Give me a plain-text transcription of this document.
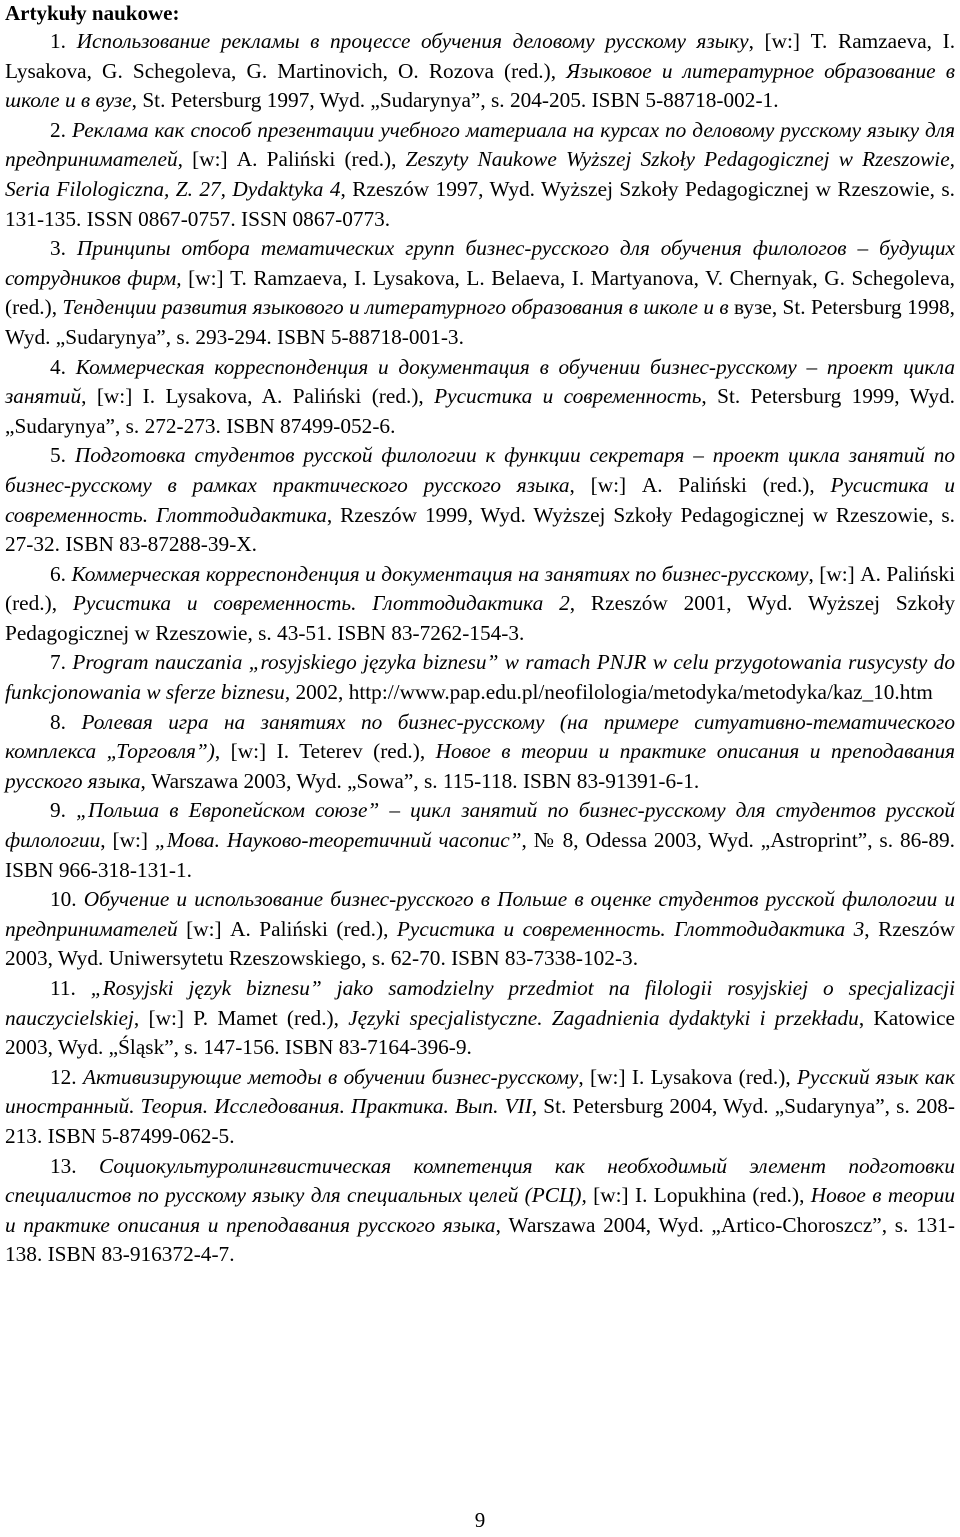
Artykuły naukowe:

1. Использование рекламы в процессе обучения деловому русскому языку, [w:] T. Ramzaeva, I. Lysakova, G. Schegoleva, G. Martinovich, O. Rozova (red.), Языковое и литературное образование в школе и в вузе, St. Petersburg 1997, Wyd. „Sudarynya”, s. 204-205. ISBN 5-88718-002-1.

2. Реклама как способ презентации учебного материала на курсах по деловому русскому языку для предпринимателей, [w:] A. Paliński (red.), Zeszyty Naukowe Wyższej Szkoły Pedagogicznej w Rzeszowie, Seria Filologiczna, Z. 27, Dydaktyka 4, Rzeszów 1997, Wyd. Wyższej Szkoły Pedagogicznej w Rzeszowie, s. 131-135. ISSN 0867-0757. ISSN 0867-0773.

3. Принципы отбора тематических групп бизнес-русского для обучения филологов – будущих сотрудников фирм, [w:] T. Ramzaeva, I. Lysakova, L. Belaeva, I. Martyanova, V. Chernyak, G. Schegoleva, (red.), Тенденции развития языкового и литературного образования в школе и в вузе, St. Petersburg 1998, Wyd. „Sudarynya”, s. 293-294. ISBN 5-88718-001-3.

4. Коммерческая корреспонденция и документация в обучении бизнес-русскому – проект цикла занятий, [w:] I. Lysakova, A. Paliński (red.), Русистика и современность, St. Petersburg 1999, Wyd. „Sudarynya”, s. 272-273. ISBN 87499-052-6.

5. Подготовка студентов русской филологии к функции секретаря – проект цикла занятий по бизнес-русскому в рамках практического русского языка, [w:] A. Paliński (red.), Русистика и современность. Глоттодидактика, Rzeszów 1999, Wyd. Wyższej Szkoły Pedagogicznej w Rzeszowie, s. 27-32. ISBN 83-87288-39-X.

6. Коммерческая корреспонденция и документация на занятиях по бизнес-русскому, [w:] A. Paliński (red.), Русистика и современность. Глоттодидактика 2, Rzeszów 2001, Wyd. Wyższej Szkoły Pedagogicznej w Rzeszowie, s. 43-51. ISBN 83-7262-154-3.

7. Program nauczania „rosyjskiego języka biznesu” w ramach PNJR w celu przygotowania rusycysty do funkcjonowania w sferze biznesu, 2002, http://www.pap.edu.pl/neofilologia/metodyka/metodyka/kaz_10.htm

8. Ролевая игра на занятиях по бизнес-русскому (на примере ситуативно-тематического комплекса „Торговля”), [w:] I. Teterev (red.), Новое в теории и практике описания и преподавания русского языка, Warszawa 2003, Wyd. „Sowa”, s. 115-118. ISBN 83-91391-6-1.

9. „Польша в Европейском союзе” – цикл занятий по бизнес-русскому для студентов русской филологии, [w:] „Мова. Науково-теоретичний часопис”, № 8, Odessa 2003, Wyd. „Astroprint”, s. 86-89. ISBN 966-318-131-1.

10. Обучение и использование бизнес-русского в Польше в оценке студентов русской филологии и предпринимателей [w:] A. Paliński (red.), Русистика и современность. Глоттодидактика 3, Rzeszów 2003, Wyd. Uniwersytetu Rzeszowskiego, s. 62-70. ISBN 83-7338-102-3.

11. „Rosyjski język biznesu” jako samodzielny przedmiot na filologii rosyjskiej o specjalizacji nauczycielskiej, [w:] P. Mamet (red.), Języki specjalistyczne. Zagadnienia dydaktyki i przekładu, Katowice 2003, Wyd. „Śląsk”, s. 147-156. ISBN 83-7164-396-9.

12. Активизирующие методы в обучении бизнес-русскому, [w:] I. Lysakova (red.), Русский язык как иностранный. Теория. Исследования. Практика. Вып. VII, St. Petersburg 2004, Wyd. „Sudarynya”, s. 208-213. ISBN 5-87499-062-5.

13. Социокультуролингвистическая компетенция как необходимый элемент подготовки специалистов по русскому языку для специальных целей (РСЦ), [w:] I. Lopukhina (red.), Новое в теории и практике описания и преподавания русского языка, Warszawa 2004, Wyd. „Artico-Choroszcz”, s. 131-138. ISBN 83-916372-4-7.

9
